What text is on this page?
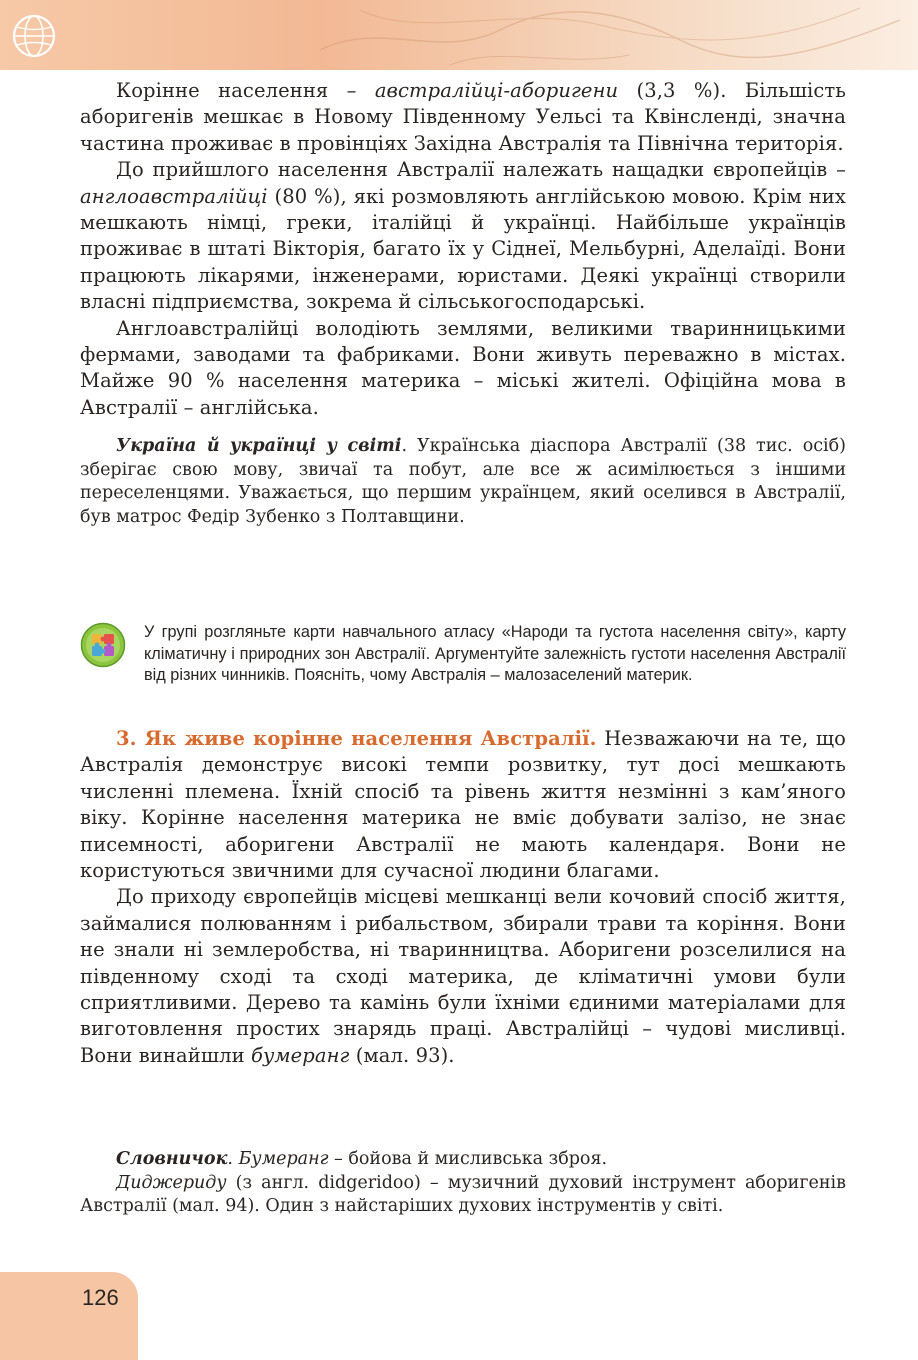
Корінне населення – австралійці-аборигени (3,3 %). Більшість аборигенів мешкає в Новому Південному Уельсі та Квінсленді, значна частина проживає в провінціях Західна Австралія та Північна територія.

До прийшлого населення Австралії належать нащадки європейців – англоавстралійці (80 %), які розмовляють англійською мовою. Крім них мешкають німці, греки, італійці й українці. Найбільше українців проживає в штаті Вікторія, багато їх у Сіднеї, Мельбурні, Аделаїді. Вони працюють лікарями, інженерами, юристами. Деякі українці створили власні підприємства, зокрема й сільськогосподарські.

Англоавстралійці володіють землями, великими тваринницькими фермами, заводами та фабриками. Вони живуть переважно в містах. Майже 90 % населення материка – міські жителі. Офіційна мова в Австралії – англійська.

Україна й українці у світі. Українська діаспора Австралії (38 тис. осіб) зберігає свою мову, звичаї та побут, але все ж асимілюється з іншими переселенцями. Уважається, що першим українцем, який оселився в Австралії, був матрос Федір Зубенко з Полтавщини.

У групі розгляньте карти навчального атласу «Народи та густота населення світу», карту кліматичну і природних зон Австралії. Аргументуйте залежність густоти населення Австралії від різних чинників. Поясніть, чому Австралія – малозаселений материк.

3. Як живе корінне населення Австралії. Незважаючи на те, що Австралія демонструє високі темпи розвитку, тут досі мешкають численні племена. Їхній спосіб та рівень життя незмінні з кам’яного віку. Корінне населення материка не вміє добувати залізо, не знає писемності, аборигени Австралії не мають календаря. Вони не користуються звичними для сучасної людини благами.

До приходу європейців місцеві мешканці вели кочовий спосіб життя, займалися полюванням і рибальством, збирали трави та коріння. Вони не знали ні землеробства, ні тваринництва. Аборигени розселилися на південному сході та сході материка, де кліматичні умови були сприятливими. Дерево та камінь були їхніми єдиними матеріалами для виготовлення простих знарядь праці. Австралійці – чудові мисливці. Вони винайшли бумеранг (мал. 93).

Словничок. Бумеранг – бойова й мисливська зброя.

Диджериду (з англ. didgeridoo) – музичний духовий інструмент аборигенів Австралії (мал. 94). Один з найстаріших духових інструментів у світі.

126
